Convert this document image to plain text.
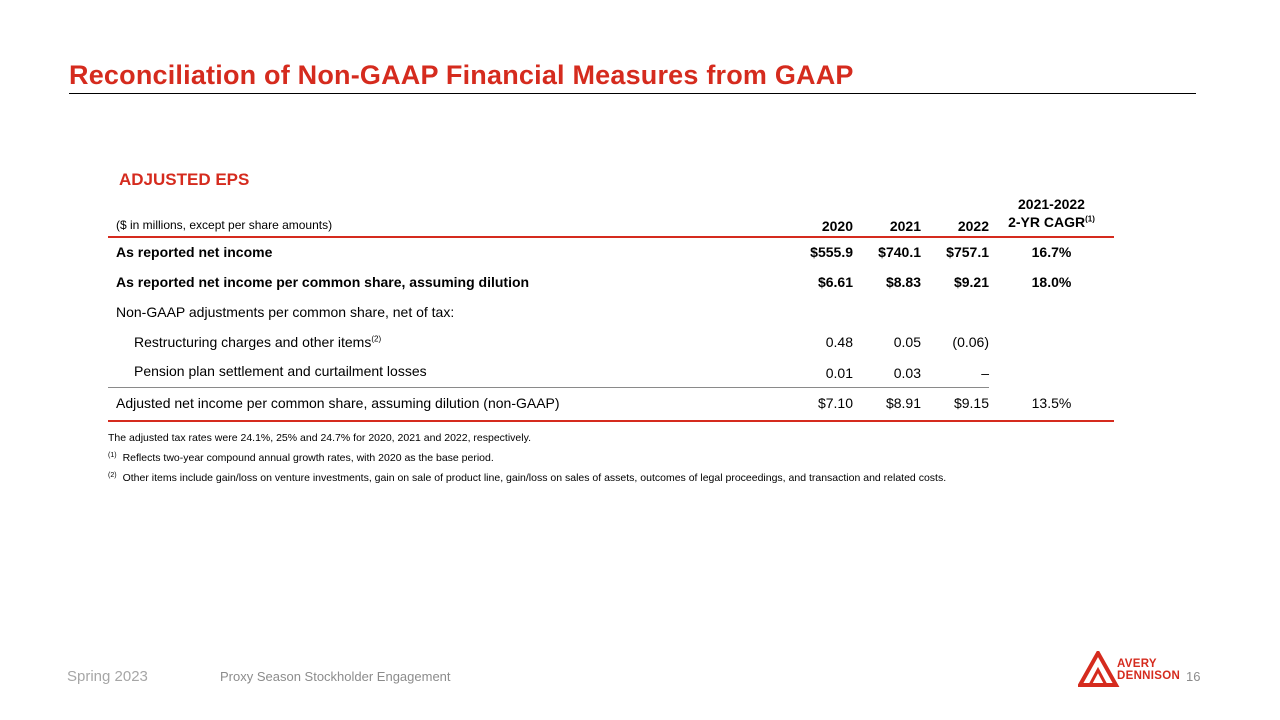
Reconciliation of Non-GAAP Financial Measures from GAAP
ADJUSTED EPS
($ in millions, except per share amounts)	2020	2021	2022
2021-2022
2-YR CAGR$^{(1)}$
As reported net income	$555.9 $740.1 $757.1	16.7%
As reported net income per common share, assuming dilution	$6.61 $8.83 $9.21	18.0%
Non-GAAP adjustments per common share, net of tax:
Restructuring charges and other items$^{(2)}$	0.48	0.05 (0.06)
Pension plan settlement and curtailment losses	0.01	0.03	–
Adjusted net income per common share, assuming dilution (non-GAAP)	$7.10 $8.91 $9.15	13.5%
The adjusted tax rates were 24.1%, 25% and 24.7% for 2020, 2021 and 2022, respectively.
$^{(1)}$ Reflects two-year compound annual growth rates, with 2020 as the base period.
$^{(2)}$ Other items include gain/loss on venture investments, gain on sale of product line, gain/loss on sales of assets, outcomes of legal proceedings, and transaction and related costs.
Spring 2023	Proxy Season Stockholder Engagement
AVERY
DENNISON 16
